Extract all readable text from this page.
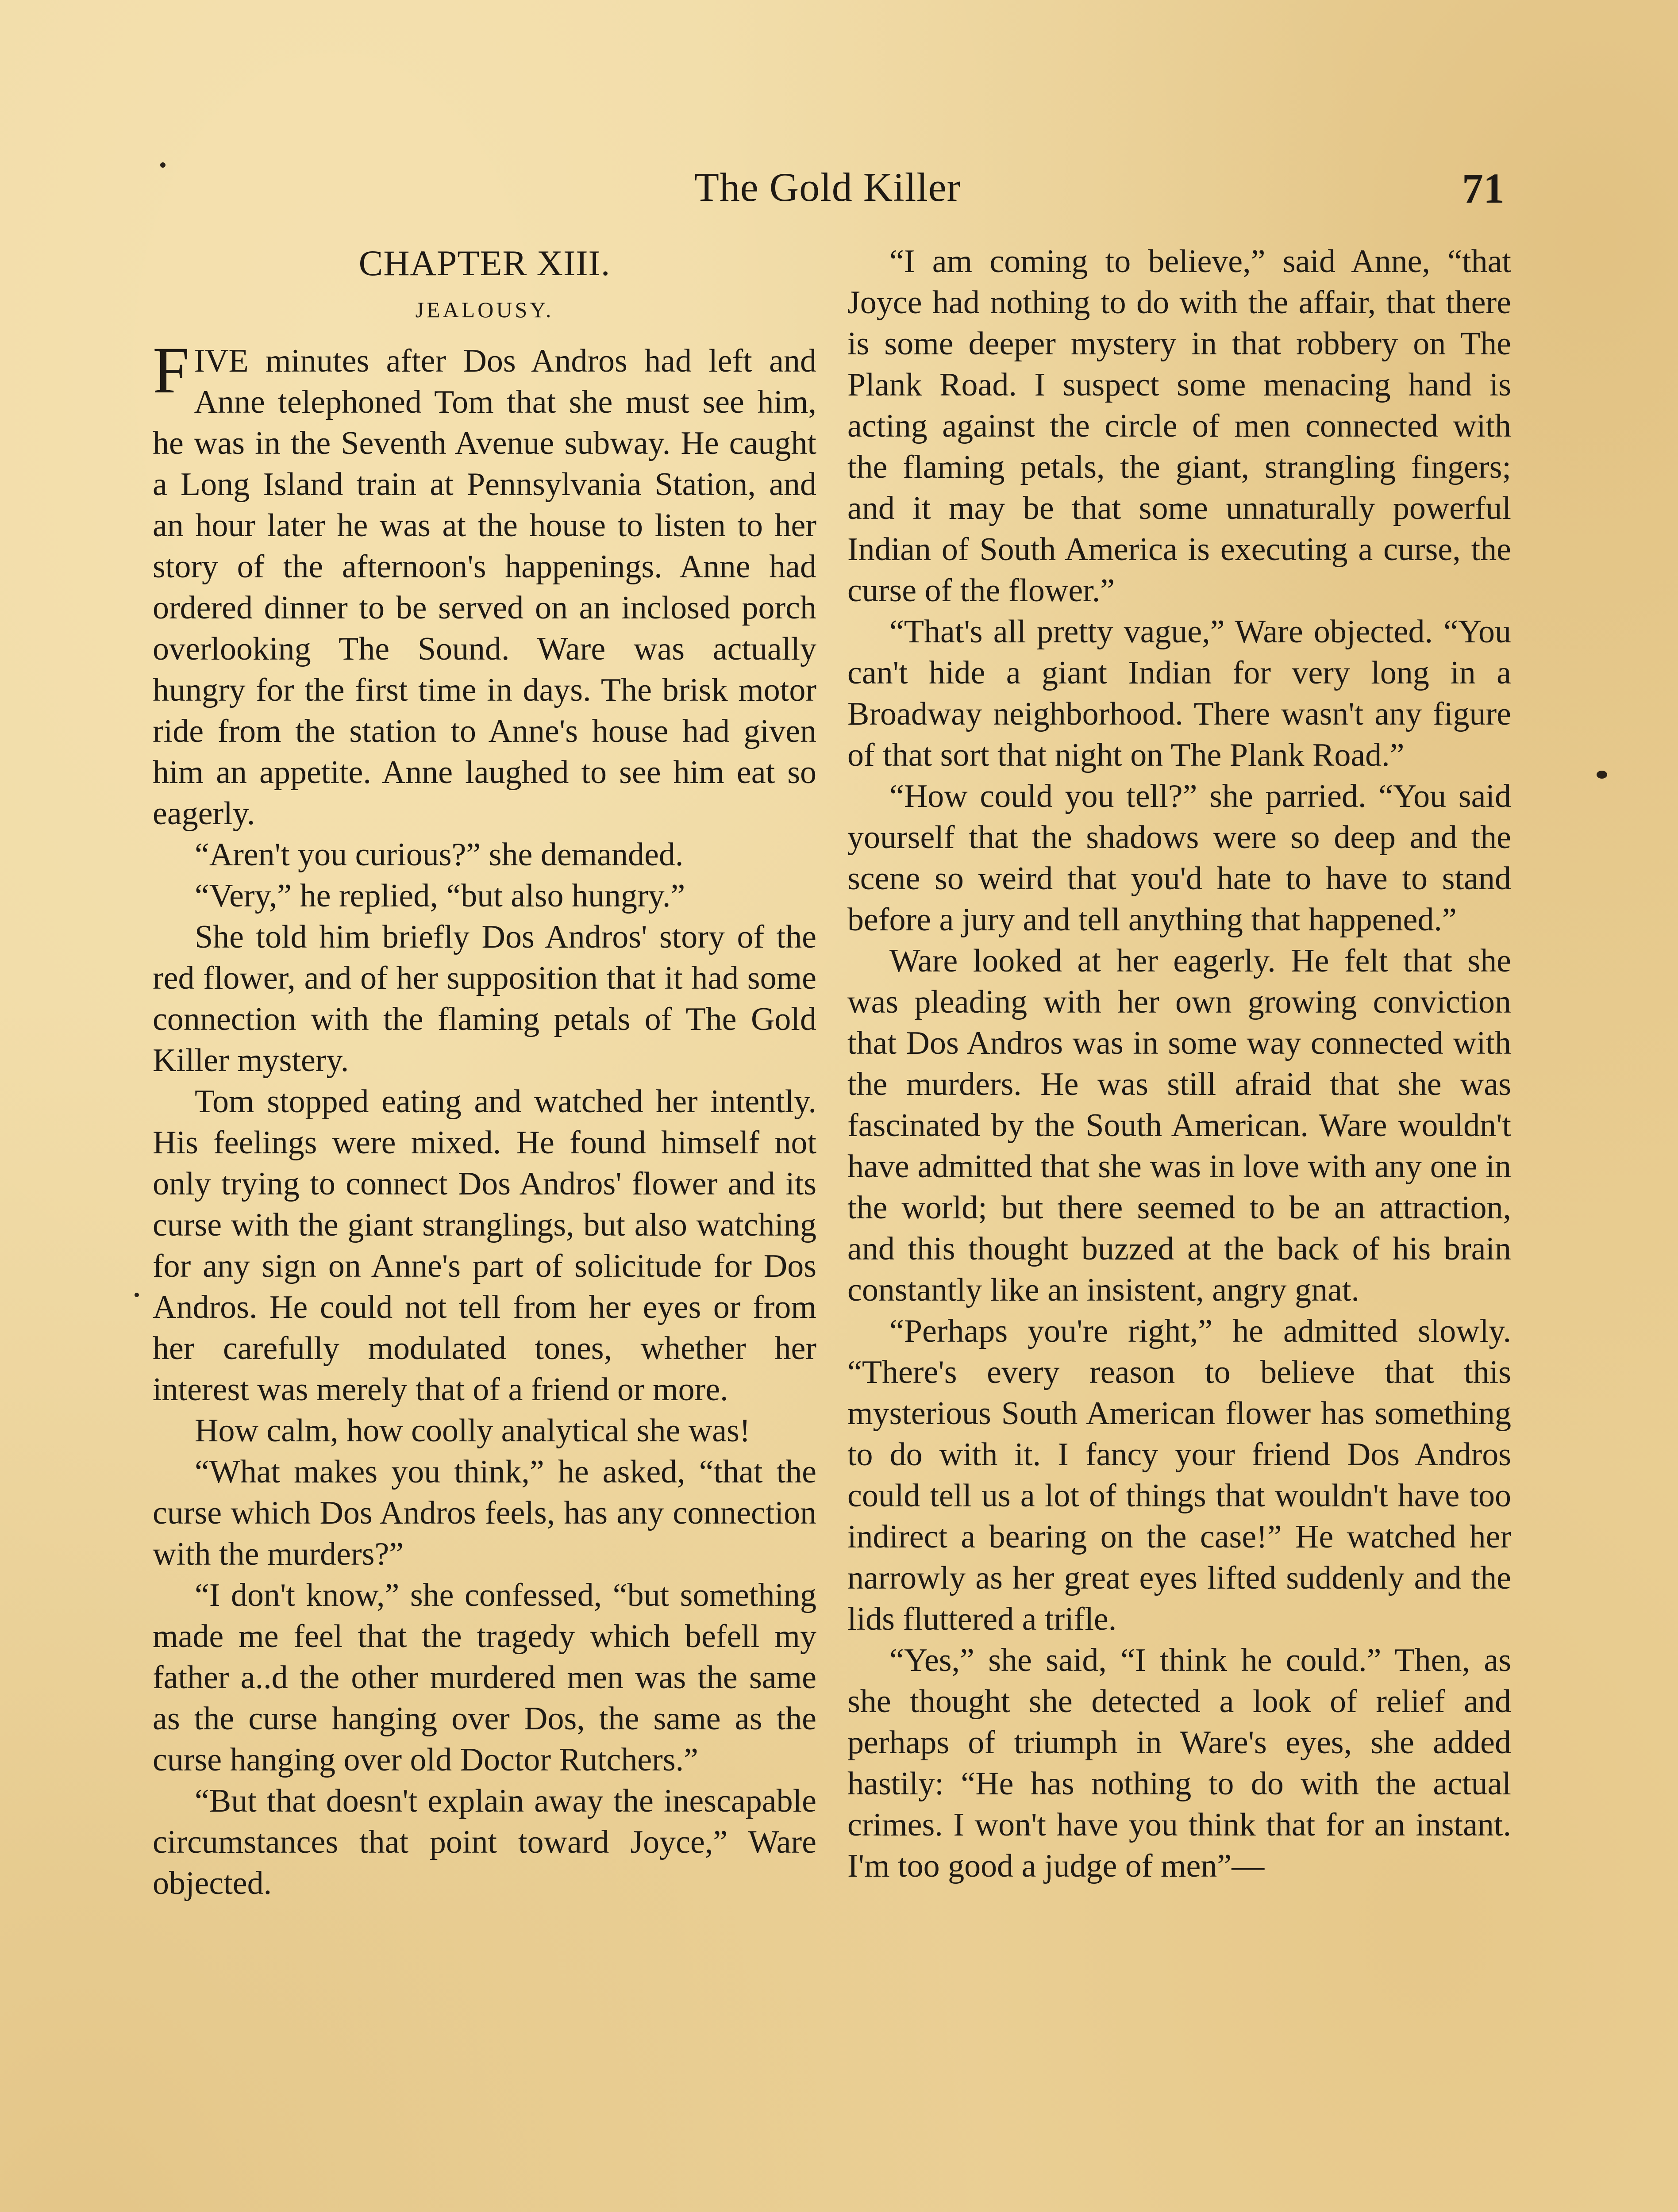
The Gold Killer	71
CHAPTER XIII.
JEALOUSY.

FIVE minutes after Dos Andros had left and Anne telephoned Tom that she must see him, he was in the Seventh Avenue subway. He caught a Long Island train at Pennsylvania Station, and an hour later he was at the house to listen to her story of the afternoon's happenings. Anne had ordered dinner to be served on an inclosed porch overlooking The Sound. Ware was actually hungry for the first time in days. The brisk motor ride from the station to Anne's house had given him an appetite. Anne laughed to see him eat so eagerly.

“Aren't you curious?” she demanded.

“Very,” he replied, “but also hungry.”

She told him briefly Dos Andros' story of the red flower, and of her supposition that it had some connection with the flaming petals of The Gold Killer mystery.

Tom stopped eating and watched her intently. His feelings were mixed. He found himself not only trying to connect Dos Andros' flower and its curse with the giant stranglings, but also watching for any sign on Anne's part of solicitude for Dos Andros. He could not tell from her eyes or from her carefully modulated tones, whether her interest was merely that of a friend or more.

How calm, how coolly analytical she was!

“What makes you think,” he asked, “that the curse which Dos Andros feels, has any connection with the murders?”

“I don't know,” she confessed, “but something made me feel that the tragedy which befell my father a..d the other murdered men was the same as the curse hanging over Dos, the same as the curse hanging over old Doctor Rutchers.”

“But that doesn't explain away the inescapable circumstances that point toward Joyce,” Ware objected.

“I am coming to believe,” said Anne, “that Joyce had nothing to do with the affair, that there is some deeper mystery in that robbery on The Plank Road. I suspect some menacing hand is acting against the circle of men connected with the flaming petals, the giant, strangling fingers; and it may be that some unnaturally powerful Indian of South America is executing a curse, the curse of the flower.”

“That's all pretty vague,” Ware objected. “You can't hide a giant Indian for very long in a Broadway neighborhood. There wasn't any figure of that sort that night on The Plank Road.”

“How could you tell?” she parried. “You said yourself that the shadows were so deep and the scene so weird that you'd hate to have to stand before a jury and tell anything that happened.”

Ware looked at her eagerly. He felt that she was pleading with her own growing conviction that Dos Andros was in some way connected with the murders. He was still afraid that she was fascinated by the South American. Ware wouldn't have admitted that she was in love with any one in the world; but there seemed to be an attraction, and this thought buzzed at the back of his brain constantly like an insistent, angry gnat.

“Perhaps you're right,” he admitted slowly. “There's every reason to believe that this mysterious South American flower has something to do with it. I fancy your friend Dos Andros could tell us a lot of things that wouldn't have too indirect a bearing on the case!” He watched her narrowly as her great eyes lifted suddenly and the lids fluttered a trifle.

“Yes,” she said, “I think he could.” Then, as she thought she detected a look of relief and perhaps of triumph in Ware's eyes, she added hastily: “He has nothing to do with the actual crimes. I won't have you think that for an instant. I'm too good a judge of men”—
